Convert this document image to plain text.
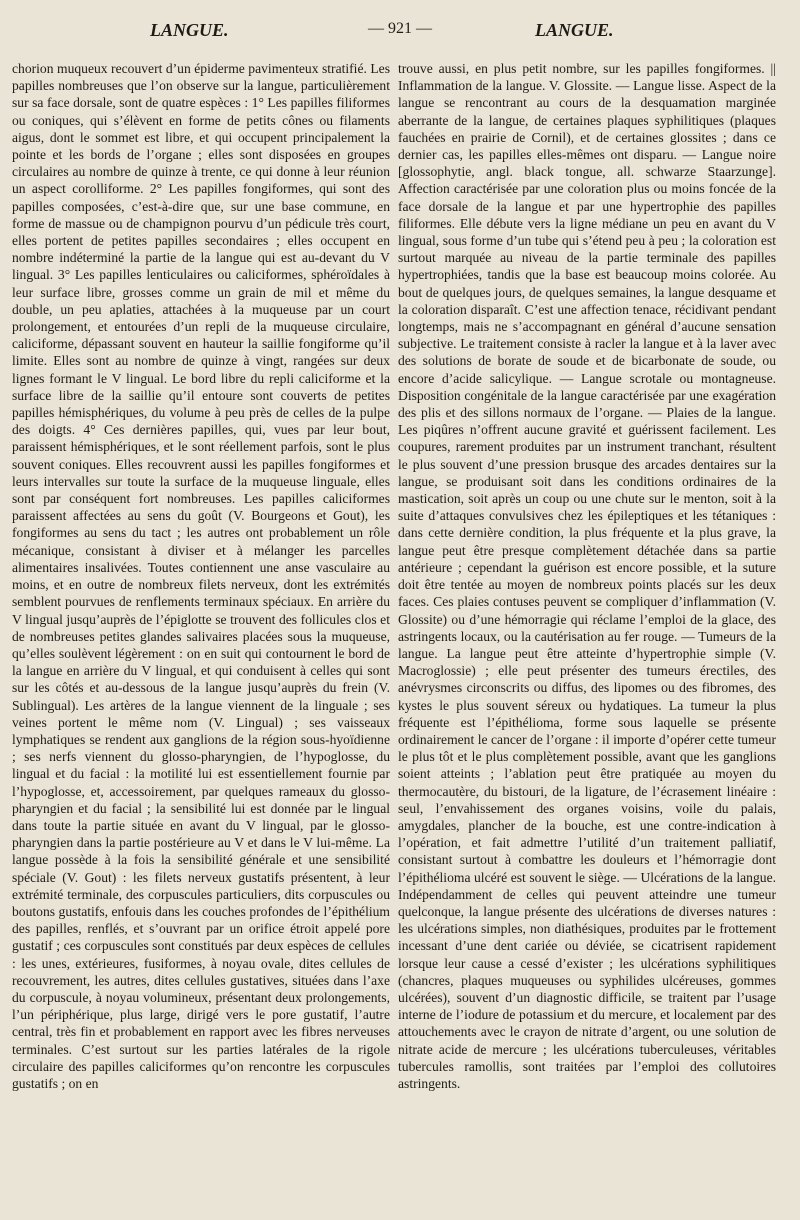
LANGUE.	— 921 —	LANGUE.

chorion muqueux recouvert d’un épiderme pavimenteux stratifié. Les papilles nombreuses que l’on observe sur la langue, particulièrement sur sa face dorsale, sont de quatre espèces : 1° Les papilles filiformes ou coniques, qui s’élèvent en forme de petits cônes ou filaments aigus, dont le sommet est libre, et qui occupent principalement la pointe et les bords de l’organe ; elles sont disposées en groupes circulaires au nombre de quinze à trente, ce qui donne à leur réunion un aspect corolliforme. 2° Les papilles fongiformes, qui sont des papilles composées, c’est-à-dire que, sur une base commune, en forme de massue ou de champignon pourvu d’un pédicule très court, elles portent de petites papilles secondaires ; elles occupent en nombre indéterminé la partie de la langue qui est au-devant du V lingual. 3° Les papilles lenticulaires ou caliciformes, sphéroïdales à leur surface libre, grosses comme un grain de mil et même du double, un peu aplaties, attachées à la muqueuse par un court prolongement, et entourées d’un repli de la muqueuse circulaire, caliciforme, dépassant souvent en hauteur la saillie fongiforme qu’il limite. Elles sont au nombre de quinze à vingt, rangées sur deux lignes formant le V lingual. Le bord libre du repli caliciforme et la surface libre de la saillie qu’il entoure sont couverts de petites papilles hémisphériques, du volume à peu près de celles de la pulpe des doigts. 4° Ces dernières papilles, qui, vues par leur bout, paraissent hémisphériques, et le sont réellement parfois, sont le plus souvent coniques. Elles recouvrent aussi les papilles fongiformes et leurs intervalles sur toute la surface de la muqueuse linguale, elles sont par conséquent fort nombreuses. Les papilles caliciformes paraissent affectées au sens du goût (V. Bourgeons et Gout), les fongiformes au sens du tact ; les autres ont probablement un rôle mécanique, consistant à diviser et à mélanger les parcelles alimentaires insalivées. Toutes contiennent une anse vasculaire au moins, et en outre de nombreux filets nerveux, dont les extrémités semblent pourvues de renflements terminaux spéciaux. En arrière du V lingual jusqu’auprès de l’épiglotte se trouvent des follicules clos et de nombreuses petites glandes salivaires placées sous la muqueuse, qu’elles soulèvent légèrement : on en suit qui contournent le bord de la langue en arrière du V lingual, et qui conduisent à celles qui sont sur les côtés et au-dessous de la langue jusqu’auprès du frein (V. Sublingual). Les artères de la langue viennent de la linguale ; ses veines portent le même nom (V. Lingual) ; ses vaisseaux lymphatiques se rendent aux ganglions de la région sous-hyoïdienne ; ses nerfs viennent du glosso-pharyngien, de l’hypoglosse, du lingual et du facial : la motilité lui est essentiellement fournie par l’hypoglosse, et, accessoirement, par quelques rameaux du glosso-pharyngien et du facial ; la sensibilité lui est donnée par le lingual dans toute la partie située en avant du V lingual, par le glosso-pharyngien dans la partie postérieure au V et dans le V lui-même. La langue possède à la fois la sensibilité générale et une sensibilité spéciale (V. Gout) : les filets nerveux gustatifs présentent, à leur extrémité terminale, des corpuscules particuliers, dits corpuscules ou boutons gustatifs, enfouis dans les couches profondes de l’épithélium des papilles, renflés, et s’ouvrant par un orifice étroit appelé pore gustatif ; ces corpuscules sont constitués par deux espèces de cellules : les unes, extérieures, fusiformes, à noyau ovale, dites cellules de recouvrement, les autres, dites cellules gustatives, situées dans l’axe du corpuscule, à noyau volumineux, présentant deux prolongements, l’un périphérique, plus large, dirigé vers le pore gustatif, l’autre central, très fin et probablement en rapport avec les fibres nerveuses terminales. C’est surtout sur les parties latérales de la rigole circulaire des papilles caliciformes qu’on rencontre les corpuscules gustatifs ; on en

trouve aussi, en plus petit nombre, sur les papilles fongiformes. || Inflammation de la langue. V. Glossite. — Langue lisse. Aspect de la langue se rencontrant au cours de la desquamation marginée aberrante de la langue, de certaines plaques syphilitiques (plaques fauchées en prairie de Cornil), et de certaines glossites ; dans ce dernier cas, les papilles elles-mêmes ont disparu. — Langue noire [glossophytie, angl. black tongue, all. schwarze Staarzunge]. Affection caractérisée par une coloration plus ou moins foncée de la face dorsale de la langue et par une hypertrophie des papilles filiformes. Elle débute vers la ligne médiane un peu en avant du V lingual, sous forme d’un tube qui s’étend peu à peu ; la coloration est surtout marquée au niveau de la partie terminale des papilles hypertrophiées, tandis que la base est beaucoup moins colorée. Au bout de quelques jours, de quelques semaines, la langue desquame et la coloration disparaît. C’est une affection tenace, récidivant pendant longtemps, mais ne s’accompagnant en général d’aucune sensation subjective. Le traitement consiste à racler la langue et à la laver avec des solutions de borate de soude et de bicarbonate de soude, ou encore d’acide salicylique. — Langue scrotale ou montagneuse. Disposition congénitale de la langue caractérisée par une exagération des plis et des sillons normaux de l’organe. — Plaies de la langue. Les piqûres n’offrent aucune gravité et guérissent facilement. Les coupures, rarement produites par un instrument tranchant, résultent le plus souvent d’une pression brusque des arcades dentaires sur la langue, se produisant soit dans les conditions ordinaires de la mastication, soit après un coup ou une chute sur le menton, soit à la suite d’attaques convulsives chez les épileptiques et les tétaniques : dans cette dernière condition, la plus fréquente et la plus grave, la langue peut être presque complètement détachée dans sa partie antérieure ; cependant la guérison est encore possible, et la suture doit être tentée au moyen de nombreux points placés sur les deux faces. Ces plaies contuses peuvent se compliquer d’inflammation (V. Glossite) ou d’une hémorragie qui réclame l’emploi de la glace, des astringents locaux, ou la cautérisation au fer rouge. — Tumeurs de la langue. La langue peut être atteinte d’hypertrophie simple (V. Macroglossie) ; elle peut présenter des tumeurs érectiles, des anévrysmes circonscrits ou diffus, des lipomes ou des fibromes, des kystes le plus souvent séreux ou hydatiques. La tumeur la plus fréquente est l’épithélioma, forme sous laquelle se présente ordinairement le cancer de l’organe : il importe d’opérer cette tumeur le plus tôt et le plus complètement possible, avant que les ganglions soient atteints ; l’ablation peut être pratiquée au moyen du thermocautère, du bistouri, de la ligature, de l’écrasement linéaire : seul, l’envahissement des organes voisins, voile du palais, amygdales, plancher de la bouche, est une contre-indication à l’opération, et fait admettre l’utilité d’un traitement palliatif, consistant surtout à combattre les douleurs et l’hémorragie dont l’épithélioma ulcéré est souvent le siège. — Ulcérations de la langue. Indépendamment de celles qui peuvent atteindre une tumeur quelconque, la langue présente des ulcérations de diverses natures : les ulcérations simples, non diathésiques, produites par le frottement incessant d’une dent cariée ou déviée, se cicatrisent rapidement lorsque leur cause a cessé d’exister ; les ulcérations syphilitiques (chancres, plaques muqueuses ou syphilides ulcéreuses, gommes ulcérées), souvent d’un diagnostic difficile, se traitent par l’usage interne de l’iodure de potassium et du mercure, et localement par des attouchements avec le crayon de nitrate d’argent, ou une solution de nitrate acide de mercure ; les ulcérations tuberculeuses, véritables tubercules ramollis, sont traitées par l’emploi des collutoires astringents.
